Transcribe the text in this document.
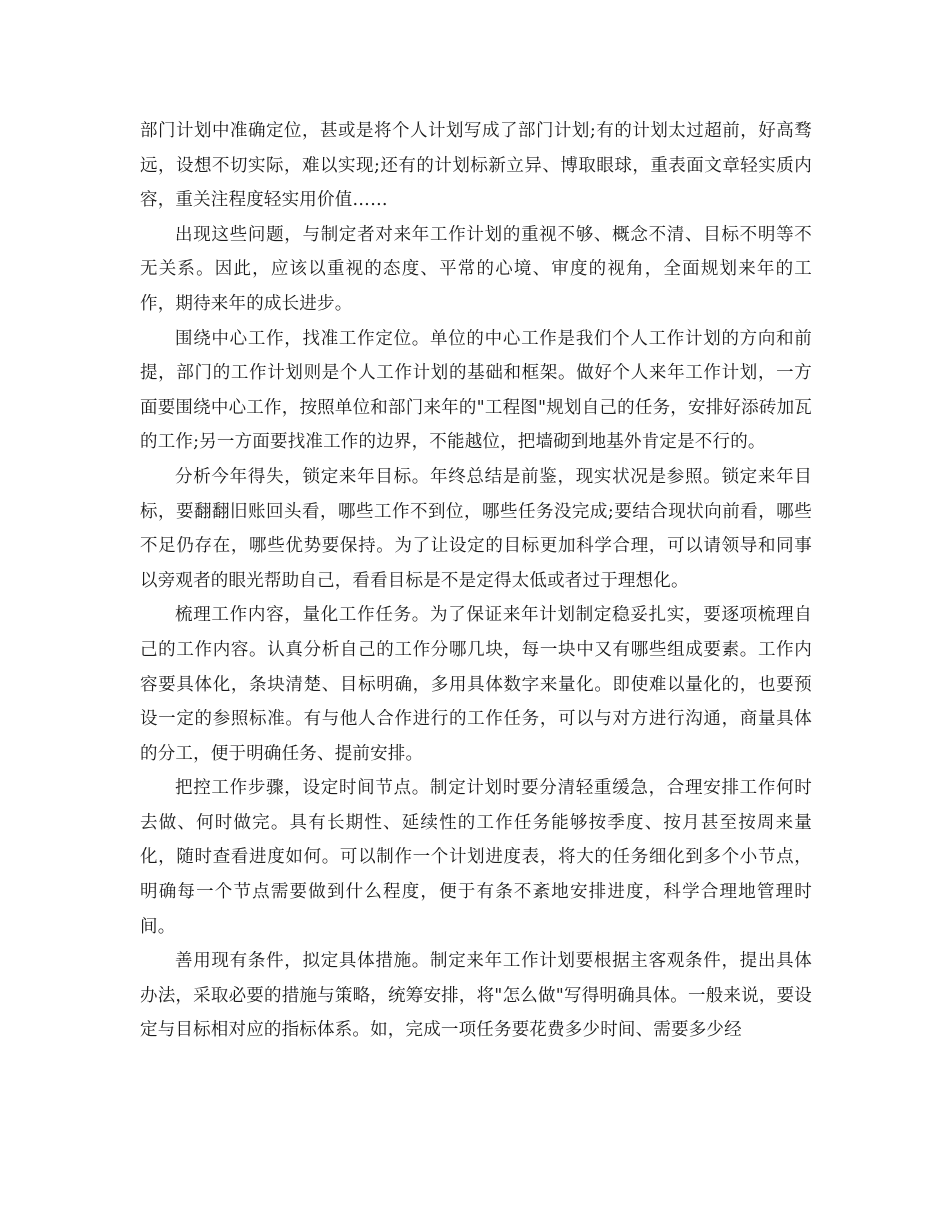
部门计划中准确定位，甚或是将个人计划写成了部门计划;有的计划太过超前，好高骛远，设想不切实际，难以实现;还有的计划标新立异、博取眼球，重表面文章轻实质内容，重关注程度轻实用价值……

出现这些问题，与制定者对来年工作计划的重视不够、概念不清、目标不明等不无关系。因此，应该以重视的态度、平常的心境、审度的视角，全面规划来年的工作，期待来年的成长进步。

围绕中心工作，找准工作定位。单位的中心工作是我们个人工作计划的方向和前提，部门的工作计划则是个人工作计划的基础和框架。做好个人来年工作计划，一方面要围绕中心工作，按照单位和部门来年的"工程图"规划自己的任务，安排好添砖加瓦的工作;另一方面要找准工作的边界，不能越位，把墙砌到地基外肯定是不行的。

分析今年得失，锁定来年目标。年终总结是前鉴，现实状况是参照。锁定来年目标，要翻翻旧账回头看，哪些工作不到位，哪些任务没完成;要结合现状向前看，哪些不足仍存在，哪些优势要保持。为了让设定的目标更加科学合理，可以请领导和同事以旁观者的眼光帮助自己，看看目标是不是定得太低或者过于理想化。

梳理工作内容，量化工作任务。为了保证来年计划制定稳妥扎实，要逐项梳理自己的工作内容。认真分析自己的工作分哪几块，每一块中又有哪些组成要素。工作内容要具体化，条块清楚、目标明确，多用具体数字来量化。即使难以量化的，也要预设一定的参照标准。有与他人合作进行的工作任务，可以与对方进行沟通，商量具体的分工，便于明确任务、提前安排。

把控工作步骤，设定时间节点。制定计划时要分清轻重缓急，合理安排工作何时去做、何时做完。具有长期性、延续性的工作任务能够按季度、按月甚至按周来量化，随时查看进度如何。可以制作一个计划进度表，将大的任务细化到多个小节点，明确每一个节点需要做到什么程度，便于有条不紊地安排进度，科学合理地管理时间。

善用现有条件，拟定具体措施。制定来年工作计划要根据主客观条件，提出具体办法，采取必要的措施与策略，统筹安排，将"怎么做"写得明确具体。一般来说，要设定与目标相对应的指标体系。如，完成一项任务要花费多少时间、需要多少经
